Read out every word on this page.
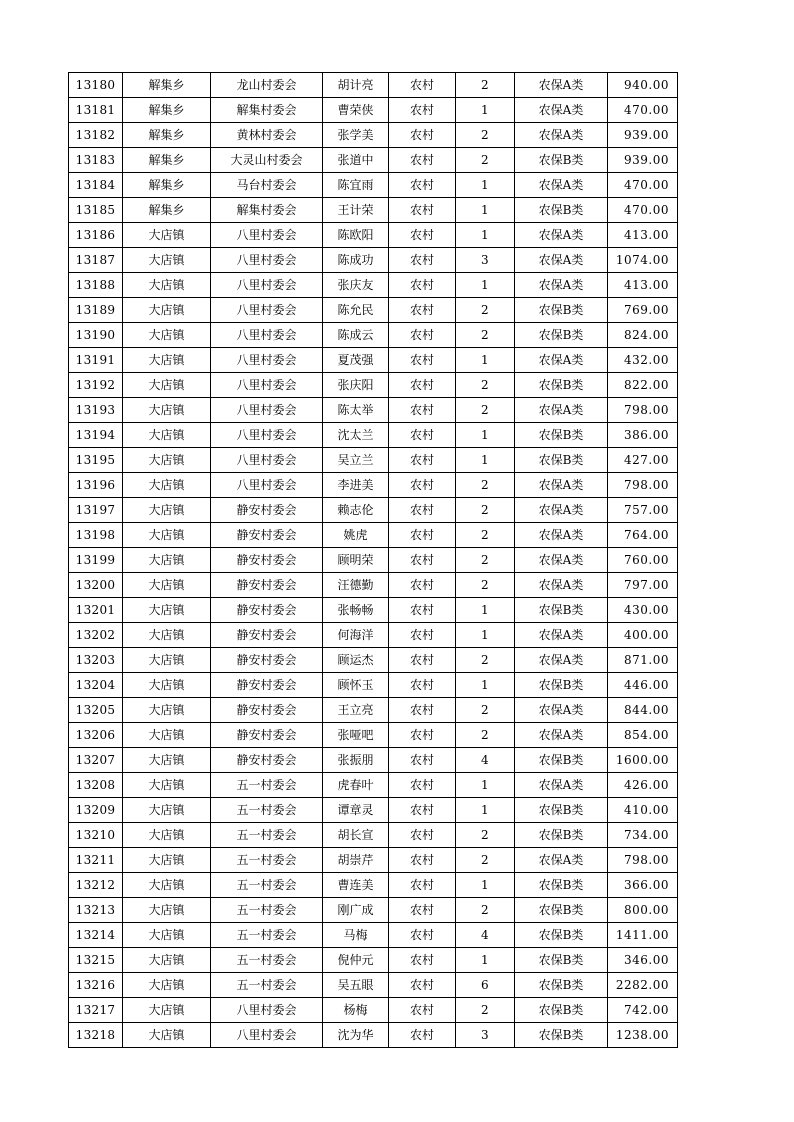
13180	解集乡	龙山村委会	胡计亮	农村	2	农保A类	940.00
13181	解集乡	解集村委会	曹荣侠	农村	1	农保A类	470.00
13182	解集乡	黄林村委会	张学美	农村	2	农保A类	939.00
13183	解集乡	大灵山村委会	张道中	农村	2	农保B类	939.00
13184	解集乡	马台村委会	陈宜雨	农村	1	农保A类	470.00
13185	解集乡	解集村委会	王计荣	农村	1	农保B类	470.00
13186	大店镇	八里村委会	陈欧阳	农村	1	农保A类	413.00
13187	大店镇	八里村委会	陈成功	农村	3	农保A类	1074.00
13188	大店镇	八里村委会	张庆友	农村	1	农保A类	413.00
13189	大店镇	八里村委会	陈允民	农村	2	农保B类	769.00
13190	大店镇	八里村委会	陈成云	农村	2	农保B类	824.00
13191	大店镇	八里村委会	夏茂强	农村	1	农保A类	432.00
13192	大店镇	八里村委会	张庆阳	农村	2	农保B类	822.00
13193	大店镇	八里村委会	陈太举	农村	2	农保A类	798.00
13194	大店镇	八里村委会	沈太兰	农村	1	农保B类	386.00
13195	大店镇	八里村委会	吴立兰	农村	1	农保B类	427.00
13196	大店镇	八里村委会	李进美	农村	2	农保A类	798.00
13197	大店镇	静安村委会	赖志伦	农村	2	农保A类	757.00
13198	大店镇	静安村委会	姚虎	农村	2	农保A类	764.00
13199	大店镇	静安村委会	顾明荣	农村	2	农保A类	760.00
13200	大店镇	静安村委会	汪德勤	农村	2	农保A类	797.00
13201	大店镇	静安村委会	张畅畅	农村	1	农保B类	430.00
13202	大店镇	静安村委会	何海洋	农村	1	农保A类	400.00
13203	大店镇	静安村委会	顾运杰	农村	2	农保A类	871.00
13204	大店镇	静安村委会	顾怀玉	农村	1	农保B类	446.00
13205	大店镇	静安村委会	王立亮	农村	2	农保A类	844.00
13206	大店镇	静安村委会	张哑吧	农村	2	农保A类	854.00
13207	大店镇	静安村委会	张振朋	农村	4	农保B类	1600.00
13208	大店镇	五一村委会	虎春叶	农村	1	农保A类	426.00
13209	大店镇	五一村委会	谭章灵	农村	1	农保B类	410.00
13210	大店镇	五一村委会	胡长宣	农村	2	农保B类	734.00
13211	大店镇	五一村委会	胡崇芹	农村	2	农保A类	798.00
13212	大店镇	五一村委会	曹连美	农村	1	农保B类	366.00
13213	大店镇	五一村委会	刚广成	农村	2	农保B类	800.00
13214	大店镇	五一村委会	马梅	农村	4	农保B类	1411.00
13215	大店镇	五一村委会	倪仲元	农村	1	农保B类	346.00
13216	大店镇	五一村委会	吴五眼	农村	6	农保B类	2282.00
13217	大店镇	八里村委会	杨梅	农村	2	农保B类	742.00
13218	大店镇	八里村委会	沈为华	农村	3	农保B类	1238.00
